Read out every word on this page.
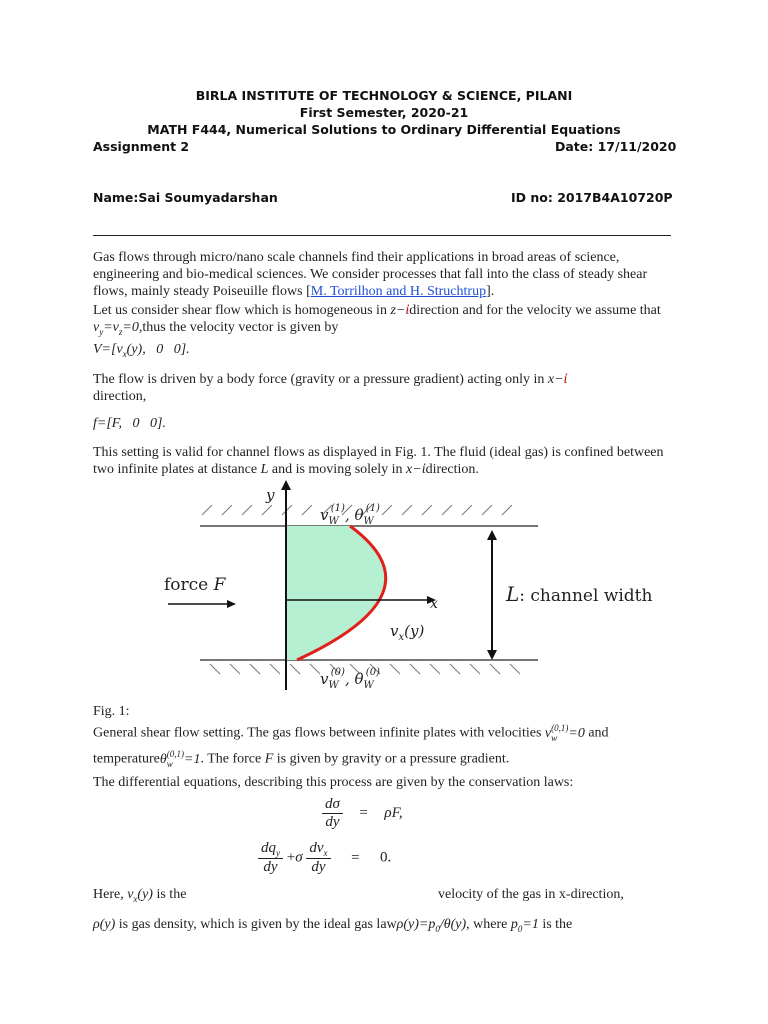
BIRLA INSTITUTE OF TECHNOLOGY & SCIENCE, PILANI
First Semester, 2020-21
MATH F444, Numerical Solutions to Ordinary Differential Equations
Assignment 2	Date: 17/11/2020
Name:Sai Soumyadarshan	ID no: 2017B4A10720P
Gas flows through micro/nano scale channels find their applications in broad areas of science, engineering and bio-medical sciences. We consider processes that fall into the class of steady shear flows, mainly steady Poiseuille flows [M. Torrilhon and H. Struchtrup].
Let us consider shear flow which is homogeneous in z−ἰdirection and for the velocity we assume that $v_y=v_z=0,thus$ the velocity vector is given by
$V=[v_x(y)$,   0   0].
The flow is driven by a body force (gravity or a pressure gradient) acting only in x−ἰ
direction,
f=[F,   0   0].
This setting is valid for channel flows as displayed in Fig. 1. The fluid (ideal gas) is confined between two infinite plates at distance L and is moving solely in x−ἰdirection.
y
x
$v_W(1)$, $\theta_W(1)$
$v_W(0)$, $\theta_W(0)$
$v_x(y)$
force F	L: channel width
Fig. 1:
General shear flow setting. The gas flows between infinite plates with velocities $v_w^{(0,1)}=0$ and temperatureθ$_w^{(0,1)}$=1. The force F is given by gravity or a pressure gradient.
The differential equations, describing this process are given by the conservation laws:
$\frac{d\sigma}{dy} = \rho F$,
$\frac{dq_y}{dy} +\sigma \frac{dv_x}{dy} = 0$.
Here, $v_x(y)$ is the	velocity of the gas in x-direction,
ρ(y) is gas density, which is given by the ideal gas $law\rho(y)=p_0/\theta(y)$, where $p_0=1$ is the
